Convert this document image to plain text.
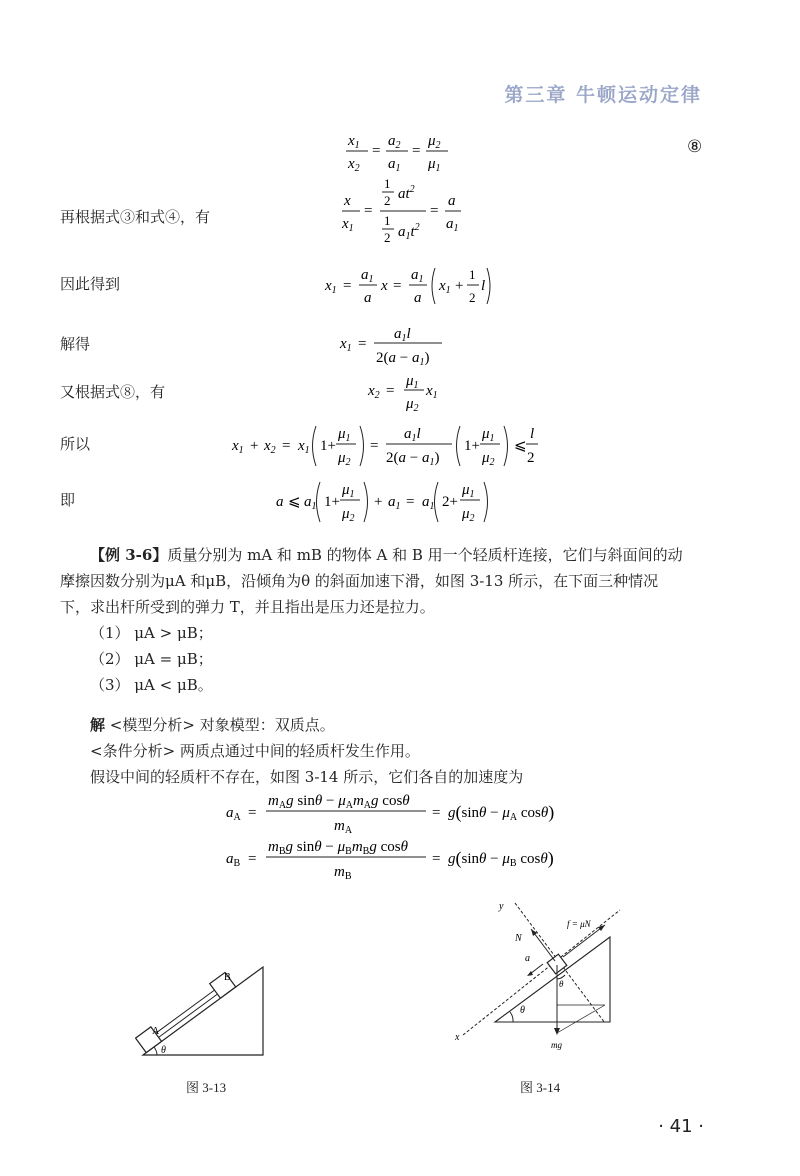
第三章 牛顿运动定律
$x_1$
$x_2$
=
$a_2$
$a_1$
=
$\mu_2$
$\mu_1$
⑧
再根据式③和式④，有
x
$x_1$
=
1
2 $at^2$
1
2 $a_1t^2$
=
a
$a_1$
因此得到	$x_1$ =
$a_1$
a
x =
$a_1$
a
$x_1$ +
1
2
l
解得	$x_1$ =
$a_1l$
$2(a - a_1)$
又根据式⑧，有	$x_2$ =
$\mu_1$
$\mu_2$
$x_1$
所以	$x_1 + x_2 = x_1$ 1+
$\mu_1$
$\mu_2$
=
$a_1l$
$2(a - a_1)$
1+
$\mu_1$
$\mu_2$
⩽
l
2
即	a ⩽ $a_1$ 1+
$\mu_1$
$\mu_2$
+ $a_1 = a_1$ 2+
$\mu_1$
$\mu_2$
【例 3-6】质量分别为 mA 和 mB 的物体 A 和 B 用一个轻质杆连接，它们与斜面间的动
摩擦因数分别为μA 和μB，沿倾角为θ 的斜面加速下滑，如图 3-13 所示，在下面三种情况
下，求出杆所受到的弹力 T，并且指出是压力还是拉力。
（1） μA > μB；
（2） μA = μB；
（3） μA < μB。
解 <模型分析> 对象模型：双质点。
<条件分析> 两质点通过中间的轻质杆发生作用。
假设中间的轻质杆不存在，如图 3-14 所示，它们各自的加速度为
$a_A$ =
$m_Ag$ $\sin\theta - \mu_Am_Ag$ cosθ
$m_A$
= $g(\sin\theta - \mu_A$ cosθ)
$a_B$ =
$m_Bg$ $\sin\theta - \mu_Bm_Bg$ cosθ
$m_B$
= $g(\sin\theta - \mu_B$ cosθ)
A
B
θ
图 3-13
y
x
N
f = μN
a
θ
θ
mg
图 3-14
· 41 ·
